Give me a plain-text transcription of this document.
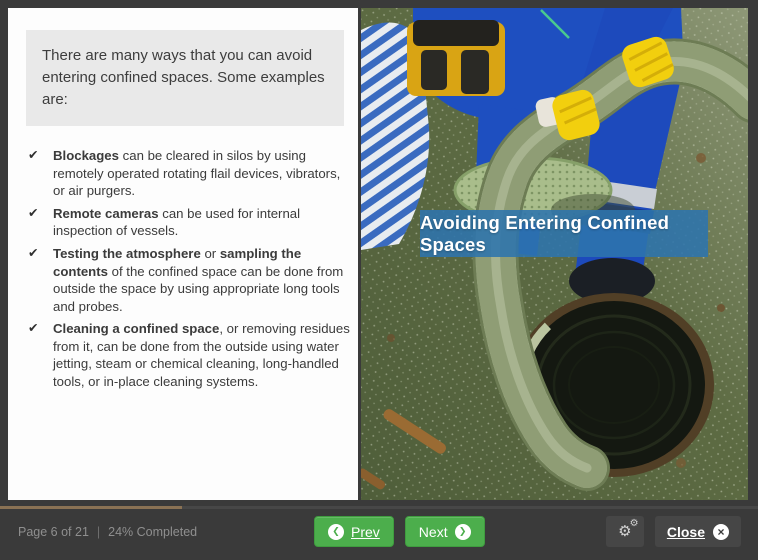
There are many ways that you can avoid entering confined spaces. Some examples are:
✔ Blockages can be cleared in silos by using remotely operated rotating flail devices, vibrators, or air purgers.
✔ Remote cameras can be used for internal inspection of vessels.
✔ Testing the atmosphere or sampling the contents of the confined space can be done from outside the space by using appropriate long tools and probes.
✔ Cleaning a confined space, or removing residues from it, can be done from the outside using water jetting, steam or chemical cleaning, long-handled tools, or in-place cleaning systems.
Avoiding Entering Confined Spaces
Page 6 of 21 | 24% Completed	❮ Prev	Next	❯	⚙
⚙ Close	×
